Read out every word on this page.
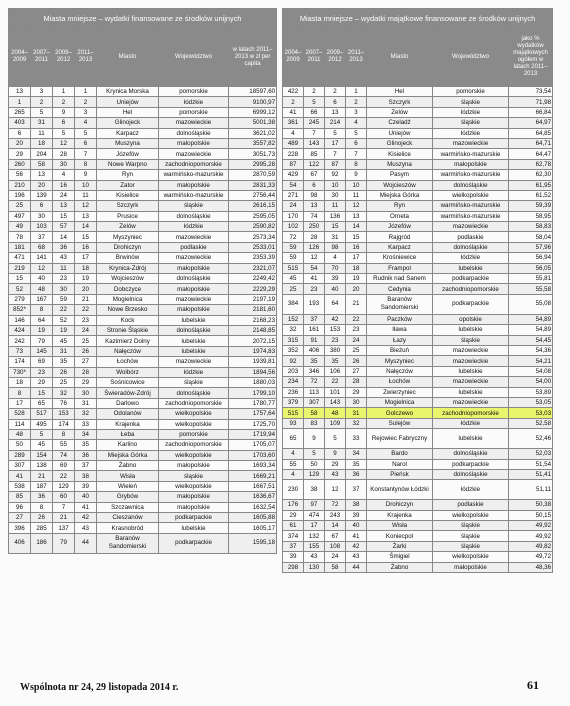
Miasta mniejsze – wydatki finansowane ze środków unijnych						
2004–2009	2007–2011	2009–2012	2011–2013	Miasto	Województwo	w latach 2011–2013 w zł per capita
13	3	1	1	Krynica Morska	pomorskie	18597,60
1	2	2	2	Uniejów	łódzkie	9100,97
265	5	9	3	Hel	pomorskie	6999,12
403	31	6	4	Glinojeck	mazowieckie	5001,38
6	11	5	5	Karpacz	dolnośląskie	3621,02
20	18	12	6	Muszyna	małopolskie	3557,82
29	204	28	7	Józefów	mazowieckie	3051,73
260	58	30	8	Nowe Warpno	zachodniopomorskie	2995,28
56	13	4	9	Ryn	warmińsko-mazurskie	2870,59
210	20	16	10	Zator	małopolskie	2831,33
196	139	24	11	Kisielice	warmińsko-mazurskie	2756,44
25	6	13	12	Szczyrk	śląskie	2616,15
497	30	15	13	Prusice	dolnośląskie	2595,05
49	103	57	14	Zelów	łódzkie	2590,82
78	37	14	15	Myszyniec	mazowieckie	2573,34
181	68	36	16	Drohiczyn	podlaskie	2533,01
471	141	43	17	Brwinów	mazowieckie	2353,39
219	12	11	18	Krynica-Zdrój	małopolskie	2321,07
15	40	23	19	Wojcieszów	dolnośląskie	2249,42
52	48	30	20	Dobczyce	małopolskie	2229,29
279	167	59	21	Mogielnica	mazowieckie	2197,19
852*	8	22	22	Nowe Brzesko	małopolskie	2181,60
146	64	52	23	Kock	lubelskie	2168,23
424	19	19	24	Stronie Śląskie	dolnośląskie	2148,85
242	79	45	25	Kazimierz Dolny	lubelskie	2072,15
73	145	31	26	Nałęczów	lubelskie	1974,83
174	69	35	27	Łochów	mazowieckie	1939,81
730*	23	26	28	Wolbórz	łódzkie	1894,56
18	29	25	29	Sośnicowice	śląskie	1880,03
8	15	32	30	Świeradów-Zdrój	dolnośląskie	1799,10
17	65	76	31	Darłowo	zachodniopomorskie	1780,77
528	517	153	32	Odolanów	wielkopolskie	1757,64
114	495	174	33	Krajenka	wielkopolskie	1725,70
48	5	8	34	Łeba	pomorskie	1719,94
50	45	55	35	Karlino	zachodniopomorskie	1705,07
289	154	74	36	Miejska Górka	wielkopolskie	1703,60
307	138	69	37	Żabno	małopolskie	1693,34
41	21	22	38	Wisła	śląskie	1669,21
538	187	129	39	Wieleń	wielkopolskie	1667,51
85	36	60	40	Grybów	małopolskie	1636,67
96	8	7	41	Szczawnica	małopolskie	1632,54
27	26	21	42	Cieszanów	podkarpackie	1605,88
396	285	137	43	Krasnobród	lubelskie	1605,17
406	186	79	44	Baranów Sandomierski	podkarpackie	1595,18
Miasta mniejsze – wydatki majątkowe finansowane ze środków unijnych						
2004–2009	2007–2011	2009–2012	2011–2013	Miasto	Województwo	jako % wydatków majątkowych ogółem w latach 2011–2013
422	2	2	1	Hel	pomorskie	73,54
2	5	6	2	Szczyrk	śląskie	71,98
41	66	13	3	Zelów	łódzkie	66,84
361	245	214	4	Czeladź	śląskie	64,97
4	7	5	5	Uniejów	łódzkie	64,85
489	143	17	6	Glinojeck	mazowieckie	64,71
228	85	7	7	Kisielice	warmińsko-mazurskie	64,47
87	122	87	8	Muszyna	małopolskie	62,78
429	67	92	9	Pasym	warmińsko-mazurskie	62,30
54	6	10	10	Wojcieszów	dolnośląskie	61,95
271	98	30	11	Miejska Górka	wielkopolskie	61,52
24	13	11	12	Ryn	warmińsko-mazurskie	59,39
170	74	136	13	Orneta	warmińsko-mazurskie	58,95
102	250	15	14	Józefów	mazowieckie	58,83
72	28	31	15	Rajgród	podlaskie	58,04
59	126	98	16	Karpacz	dolnośląskie	57,96
59	12	4	17	Krośniewice	łódzkie	56,94
515	54	70	18	Frampol	lubelskie	56,05
45	41	39	19	Rudnik nad Sanem	podkarpackie	55,81
25	23	40	20	Cedynia	zachodniopomorskie	55,58
384	193	64	21	Baranów Sandomierski	podkarpackie	55,08
152	37	42	22	Paczków	opolskie	54,89
32	161	153	23	Iława	lubelskie	54,89
315	91	23	24	Łazy	śląskie	54,45
352	406	380	25	Bieżuń	mazowieckie	54,36
92	35	35	26	Myszyniec	mazowieckie	54,21
203	346	106	27	Nałęczów	lubelskie	54,08
234	72	22	28	Łochów	mazowieckie	54,00
236	113	101	29	Zwierzyniec	lubelskie	53,89
379	307	143	30	Mogielnica	mazowieckie	53,05
515	58	48	31	Golczewo	zachodniopomorskie	53,03
93	83	109	32	Sulejów	łódzkie	52,58
65	9	5	33	Rejowiec Fabryczny	lubelskie	52,46
4	5	9	34	Bardo	dolnośląskie	52,03
55	50	29	35	Narol	podkarpackie	51,54
4	129	43	36	Pieńsk	dolnośląskie	51,41
230	38	12	37	Konstantynów Łódzki	łódzkie	51,11
176	97	72	38	Drohiczyn	podlaskie	50,38
29	474	243	39	Krajenka	wielkopolskie	50,15
61	17	14	40	Wisła	śląskie	49,92
374	132	67	41	Koniecpol	śląskie	49,92
37	155	108	42	Żarki	śląskie	49,82
39	43	24	43	Śmigiel	wielkopolskie	49,72
298	130	58	44	Żabno	małopolskie	48,36
Wspólnota nr 24, 29 listopada 2014 r.	61
